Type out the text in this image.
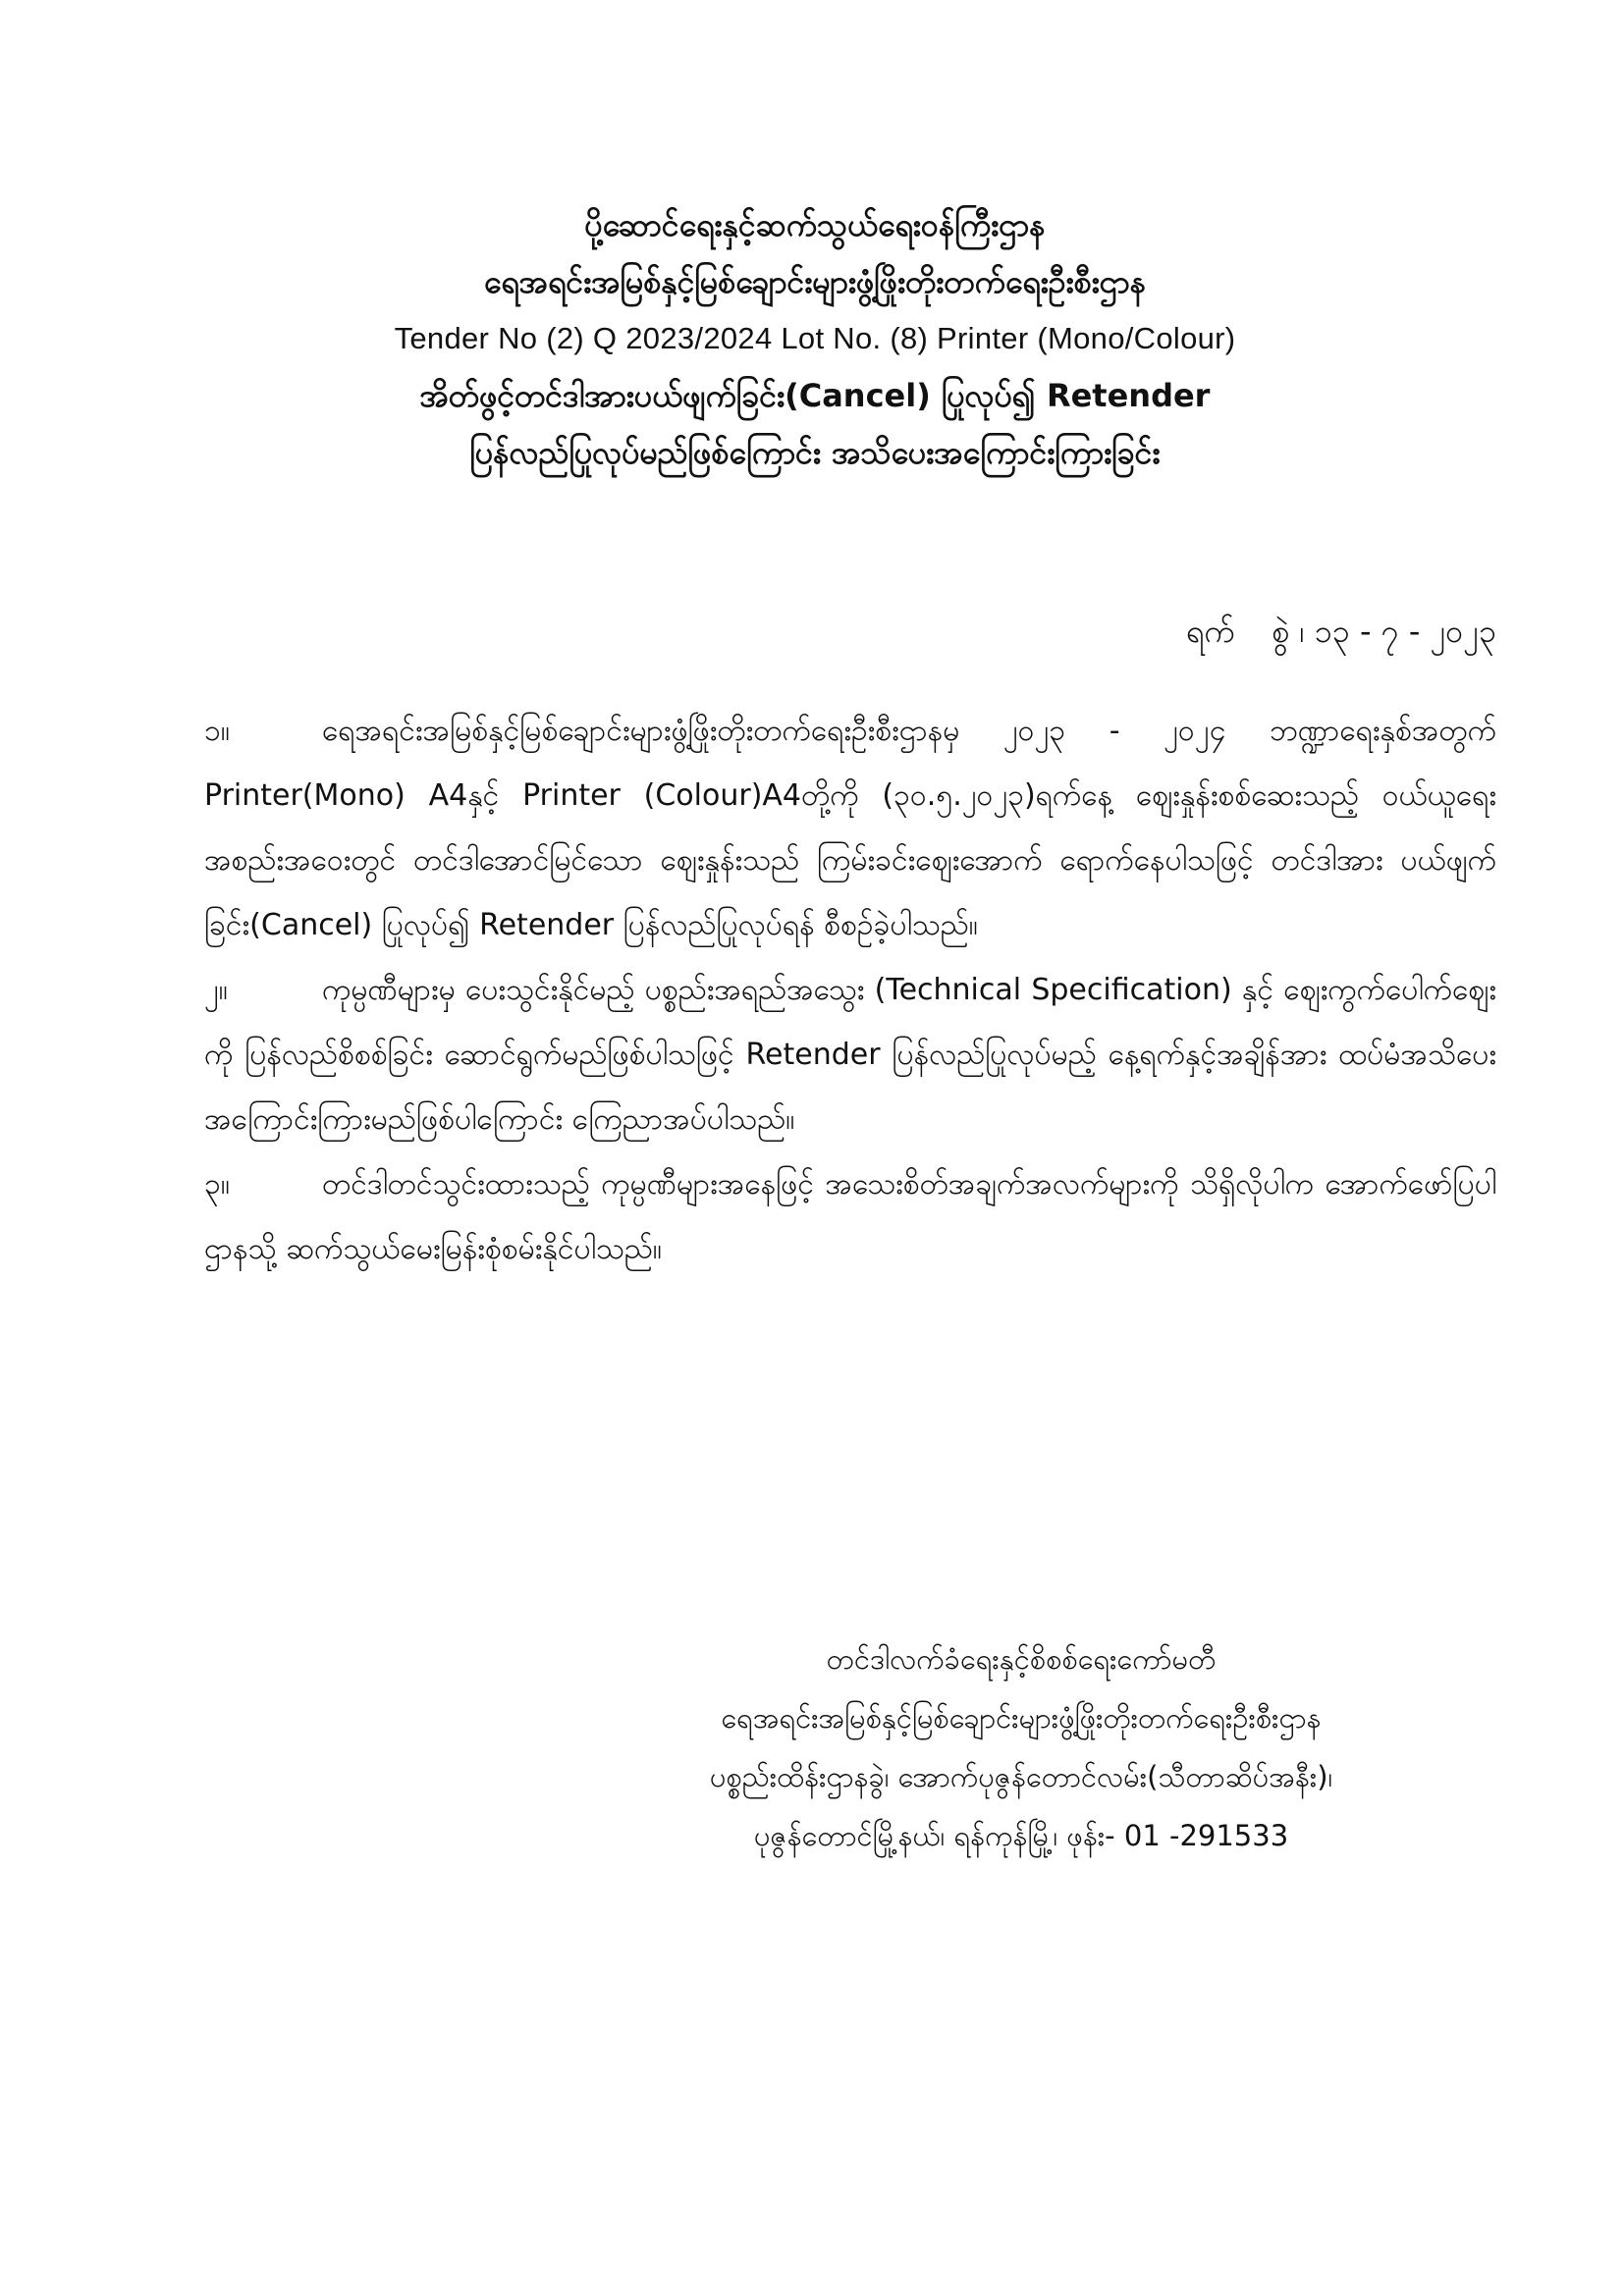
ပို့ဆောင်ရေးနှင့်ဆက်သွယ်ရေးဝန်ကြီးဌာန
ရေအရင်းအမြစ်နှင့်မြစ်ချောင်းများဖွံ့ဖြိုးတိုးတက်ရေးဦးစီးဌာန
Tender No (2) Q 2023/2024 Lot No. (8) Printer (Mono/Colour)
အိတ်ဖွင့်တင်ဒါအားပယ်ဖျက်ခြင်း(Cancel) ပြုလုပ်၍ Retender
ပြန်လည်ပြုလုပ်မည်ဖြစ်ကြောင်း အသိပေးအကြောင်းကြားခြင်း
ရက် စွဲ ၊ ၁၃ - ၇ - ၂၀၂၃

၁။	ရေအရင်းအမြစ်နှင့်မြစ်ချောင်းများဖွံ့ဖြိုးတိုးတက်ရေးဦးစီးဌာနမှ ၂၀၂၃ - ၂၀၂၄ ဘဏ္ဍာရေးနှစ်အတွက် Printer(Mono) A4နှင့် Printer (Colour)A4တို့ကို (၃၀.၅.၂၀၂၃)ရက်နေ့ ဈေးနှုန်းစစ်ဆေးသည့် ဝယ်ယူရေးအစည်းအဝေးတွင် တင်ဒါအောင်မြင်သော ဈေးနှုန်းသည် ကြမ်းခင်းဈေးအောက် ရောက်နေပါသဖြင့် တင်ဒါအား ပယ်ဖျက်ခြင်း(Cancel) ပြုလုပ်၍ Retender ပြန်လည်ပြုလုပ်ရန် စီစဉ်ခဲ့ပါသည်။

၂။	ကုမ္ပဏီများမှ ပေးသွင်းနိုင်မည့် ပစ္စည်းအရည်အသွေး (Technical Specification) နှင့် ဈေးကွက်ပေါက်ဈေးကို ပြန်လည်စိစစ်ခြင်း ဆောင်ရွက်မည်ဖြစ်ပါသဖြင့် Retender ပြန်လည်ပြုလုပ်မည့် နေ့ရက်နှင့်အချိန်အား ထပ်မံအသိပေး အကြောင်းကြားမည်ဖြစ်ပါကြောင်း ကြေညာအပ်ပါသည်။

၃။	တင်ဒါတင်သွင်းထားသည့် ကုမ္ပဏီများအနေဖြင့် အသေးစိတ်အချက်အလက်များကို သိရှိလိုပါက အောက်ဖော်ပြပါဌာနသို့ ဆက်သွယ်မေးမြန်းစုံစမ်းနိုင်ပါသည်။

တင်ဒါလက်ခံရေးနှင့်စိစစ်ရေးကော်မတီ
ရေအရင်းအမြစ်နှင့်မြစ်ချောင်းများဖွံ့ဖြိုးတိုးတက်ရေးဦးစီးဌာန
ပစ္စည်းထိန်းဌာနခွဲ၊ အောက်ပုဇွန်တောင်လမ်း(သီတာဆိပ်အနီး)၊
ပုဇွန်တောင်မြို့နယ်၊ ရန်ကုန်မြို့၊ ဖုန်း- 01 -291533
